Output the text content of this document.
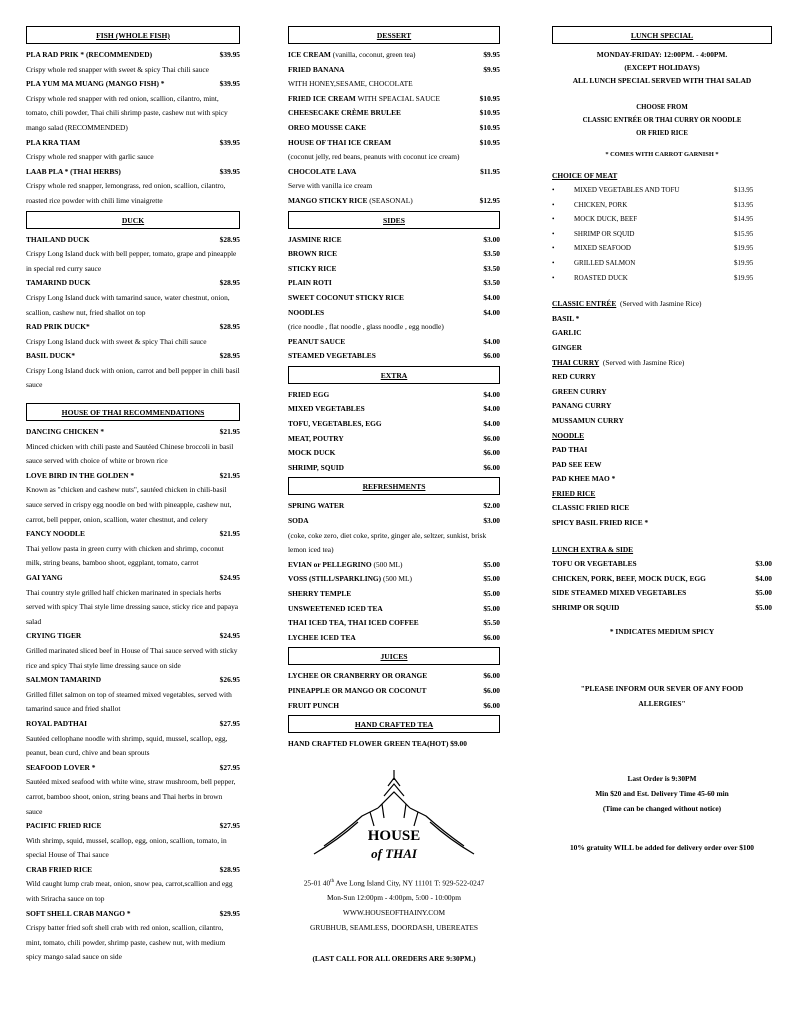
FISH (WHOLE FISH)
PLA RAD PRIK * (RECOMMENDED)	$39.95
Crispy whole red snapper with sweet & spicy Thai chili sauce
PLA YUM MA MUANG (MANGO FISH) *	$39.95
Crispy whole red snapper with red onion, scallion, cilantro, mint, tomato, chili powder, Thai chili shrimp paste, cashew nut with spicy mango salad (RECOMMENDED)
PLA KRA TIAM	$39.95
Crispy whole red snapper with garlic sauce
LAAB PLA * (THAI HERBS)	$39.95
Crispy whole red snapper, lemongrass, red onion, scallion, cilantro, roasted rice powder with chili lime vinaigrette
DUCK
THAILAND DUCK	$28.95
Crispy Long Island duck with bell pepper, tomato, grape and pineapple in special red curry sauce
TAMARIND DUCK	$28.95
Crispy Long Island duck with tamarind sauce, water chestnut, onion, scallion, cashew nut, fried shallot on top
RAD PRIK DUCK*	$28.95
Crispy Long Island duck with sweet & spicy Thai chili sauce
BASIL DUCK*	$28.95
Crispy Long Island duck with onion, carrot and bell pepper in chili basil sauce
HOUSE OF THAI RECOMMENDATIONS
DANCING CHICKEN *	$21.95
Minced chicken with chili paste and Sautéed Chinese broccoli in basil sauce served with choice of white or brown rice
LOVE BIRD IN THE GOLDEN *	$21.95
Known as "chicken and cashew nuts", sautéed chicken in chili-basil sauce served in crispy egg noodle on bed with pineapple, cashew nut, carrot, bell pepper, onion, scallion, water chestnut, and celery
FANCY NOODLE	$21.95
Thai yellow pasta in green curry with chicken and shrimp, coconut milk, string beans, bamboo shoot, eggplant, tomato, carrot
GAI YANG	$24.95
Thai country style grilled half chicken marinated in specials herbs served with spicy Thai style lime dressing sauce, sticky rice and papaya salad
CRYING TIGER	$24.95
Grilled marinated sliced beef in House of Thai sauce served with sticky rice and spicy Thai style lime dressing sauce on side
SALMON TAMARIND	$26.95
Grilled fillet salmon on top of steamed mixed vegetables, served with tamarind sauce and fried shallot
ROYAL PADTHAI	$27.95
Sautéed cellophane noodle with shrimp, squid, mussel, scallop, egg, peanut, bean curd, chive and bean sprouts
SEAFOOD LOVER *	$27.95
Sautéed mixed seafood with white wine, straw mushroom, bell pepper, carrot, bamboo shoot, onion, string beans and Thai herbs in brown sauce
PACIFIC FRIED RICE	$27.95
With shrimp, squid, mussel, scallop, egg, onion, scallion, tomato, in special House of Thai sauce
CRAB FRIED RICE	$28.95
Wild caught lump crab meat, onion, snow pea, carrot,scallion and egg with Sriracha sauce on top
SOFT SHELL CRAB MANGO *	$29.95
Crispy batter fried soft shell crab with red onion, scallion, cilantro, mint, tomato, chili powder, shrimp paste, cashew nut, with medium spicy mango salad sauce on side
DESSERT
ICE CREAM (vanilla, coconut, green tea)	$9.95
FRIED BANANA	$9.95
WITH HONEY,SESAME, CHOCOLATE
FRIED ICE CREAM WITH SPEACIAL SAUCE	$10.95
CHEESECAKE CRÈME BRULEE	$10.95
OREO MOUSSE CAKE	$10.95
HOUSE OF THAI ICE CREAM	$10.95
(coconut jelly, red beans, peanuts with coconut ice cream)
CHOCOLATE LAVA	$11.95
Serve with vanilla ice cream
MANGO STICKY RICE (SEASONAL)	$12.95
SIDES
JASMINE RICE	$3.00
BROWN RICE	$3.50
STICKY RICE	$3.50
PLAIN ROTI	$3.50
SWEET COCONUT STICKY RICE	$4.00
NOODLES	$4.00
(rice noodle , flat noodle , glass noodle , egg noodle)
PEANUT SAUCE	$4.00
STEAMED VEGETABLES	$6.00
EXTRA
FRIED EGG	$4.00
MIXED VEGETABLES	$4.00
TOFU, VEGETABLES, EGG	$4.00
MEAT, POUTRY	$6.00
MOCK DUCK	$6.00
SHRIMP, SQUID	$6.00
REFRESHMENTS
SPRING WATER	$2.00
SODA	$3.00
(coke, coke zero, diet coke, sprite, ginger ale, seltzer, sunkist, brisk lemon iced tea)
EVIAN or PELLEGRINO (500 ML)	$5.00
VOSS (STILL/SPARKLING) (500 ML)	$5.00
SHERRY TEMPLE	$5.00
UNSWEETENED ICED TEA	$5.00
THAI ICED TEA, THAI ICED COFFEE	$5.50
LYCHEE ICED TEA	$6.00
JUICES
LYCHEE OR CRANBERRY OR ORANGE	$6.00
PINEAPPLE OR MANGO OR COCONUT	$6.00
FRUIT PUNCH	$6.00
HAND CRAFTED TEA
HAND CRAFTED FLOWER GREEN TEA(HOT) $9.00
HOUSE
of THAI
25-01 40th Ave Long Island City, NY 11101 T: 929-522-0247
Mon-Sun 12:00pm - 4:00pm, 5:00 - 10:00pm
WWW.HOUSEOFTHAINY.COM
GRUBHUB, SEAMLESS, DOORDASH, UBEREATES
(LAST CALL FOR ALL OREDERS ARE 9:30PM.)
LUNCH SPECIAL
MONDAY-FRIDAY: 12:00PM. - 4:00PM.
(EXCEPT HOLIDAYS)
ALL LUNCH SPECIAL SERVED WITH THAI SALAD
CHOOSE FROM
CLASSIC ENTRÉE OR THAI CURRY OR NOODLE
OR FRIED RICE
* COMES WITH CARROT GARNISH *
CHOICE OF MEAT
•	MIXED VEGETABLES AND TOFU	$13.95
•	CHICKEN, PORK	$13.95
•	MOCK DUCK, BEEF	$14.95
•	SHRIMP OR SQUID	$15.95
•	MIXED SEAFOOD	$19.95
•	GRILLED SALMON	$19.95
•	ROASTED DUCK	$19.95
CLASSIC ENTRÉE (Served with Jasmine Rice)
BASIL *
GARLIC
GINGER
THAI CURRY (Served with Jasmine Rice)
RED CURRY
GREEN CURRY
PANANG CURRY
MUSSAMUN CURRY
NOODLE
PAD THAI
PAD SEE EEW
PAD KHEE MAO *
FRIED RICE
CLASSIC FRIED RICE
SPICY BASIL FRIED RICE *
LUNCH EXTRA & SIDE
TOFU OR VEGETABLES	$3.00
CHICKEN, PORK, BEEF, MOCK DUCK, EGG	$4.00
SIDE STEAMED MIXED VEGETABLES	$5.00
SHRIMP OR SQUID	$5.00
* INDICATES MEDIUM SPICY
"PLEASE INFORM OUR SEVER OF ANY FOOD ALLERGIES"
Last Order is 9:30PM
Min $20 and Est. Delivery Time 45-60 min
(Time can be changed without notice)
10% gratuity WILL be added for delivery order over $100
